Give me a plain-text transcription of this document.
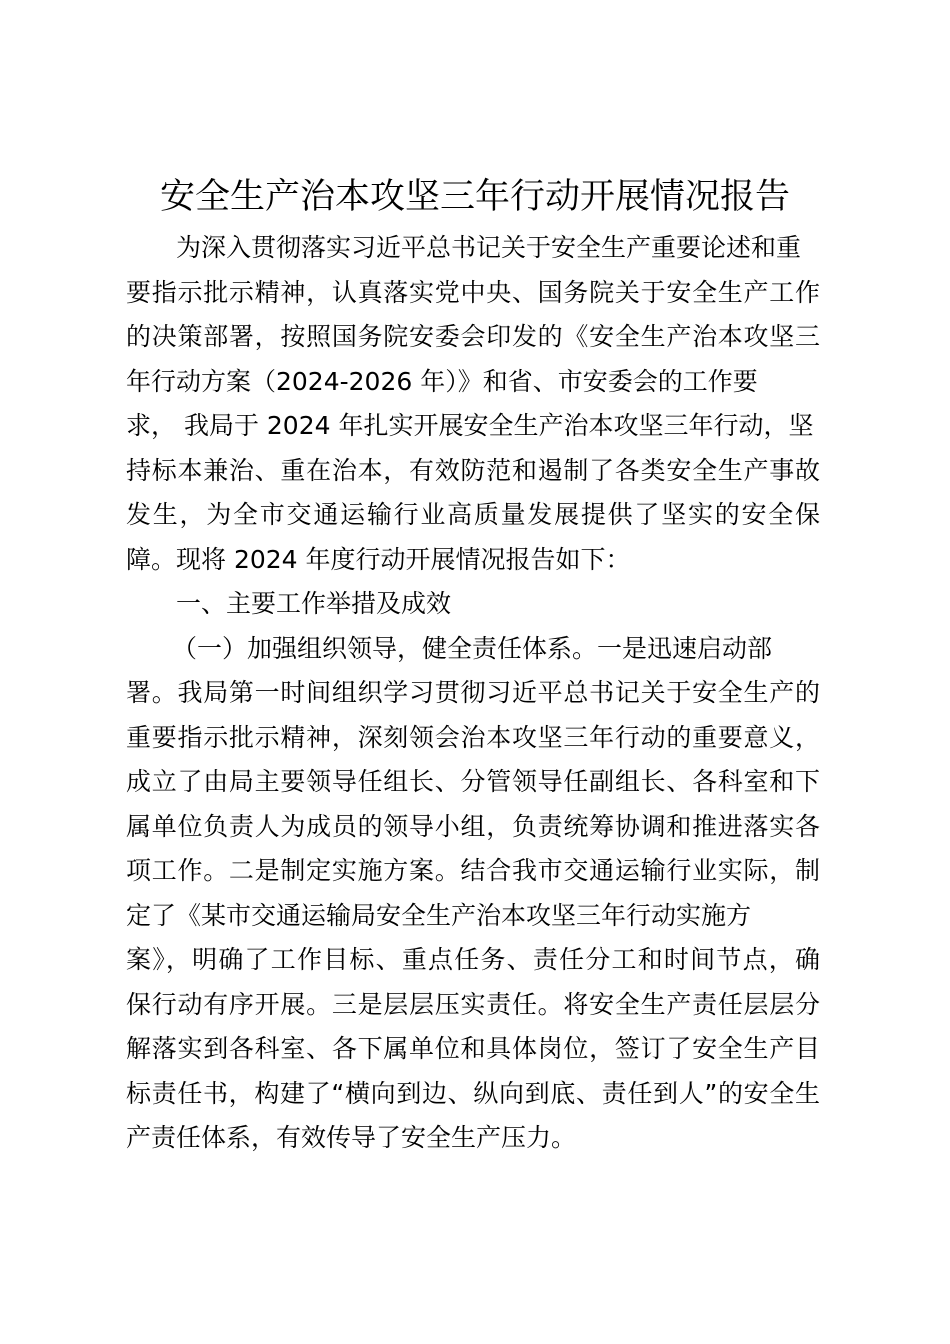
安全生产治本攻坚三年行动开展情况报告
为深入贯彻落实习近平总书记关于安全生产重要论述和重
要指示批示精神，认真落实党中央、国务院关于安全生产工作
的决策部署，按照国务院安委会印发的《安全生产治本攻坚三
年行动方案（2024-2026 年）》和省、市安委会的工作要
求， 我局于 2024 年扎实开展安全生产治本攻坚三年行动，坚
持标本兼治、重在治本，有效防范和遏制了各类安全生产事故
发生，为全市交通运输行业高质量发展提供了坚实的安全保
障。现将 2024 年度行动开展情况报告如下：
一、主要工作举措及成效
（一）加强组织领导，健全责任体系。一是迅速启动部
署。我局第一时间组织学习贯彻习近平总书记关于安全生产的
重要指示批示精神，深刻领会治本攻坚三年行动的重要意义，
成立了由局主要领导任组长、分管领导任副组长、各科室和下
属单位负责人为成员的领导小组，负责统筹协调和推进落实各
项工作。二是制定实施方案。结合我市交通运输行业实际，制
定了《某市交通运输局安全生产治本攻坚三年行动实施方
案》，明确了工作目标、重点任务、责任分工和时间节点，确
保行动有序开展。三是层层压实责任。将安全生产责任层层分
解落实到各科室、各下属单位和具体岗位，签订了安全生产目
标责任书，构建了“横向到边、纵向到底、责任到人”的安全生
产责任体系，有效传导了安全生产压力。
